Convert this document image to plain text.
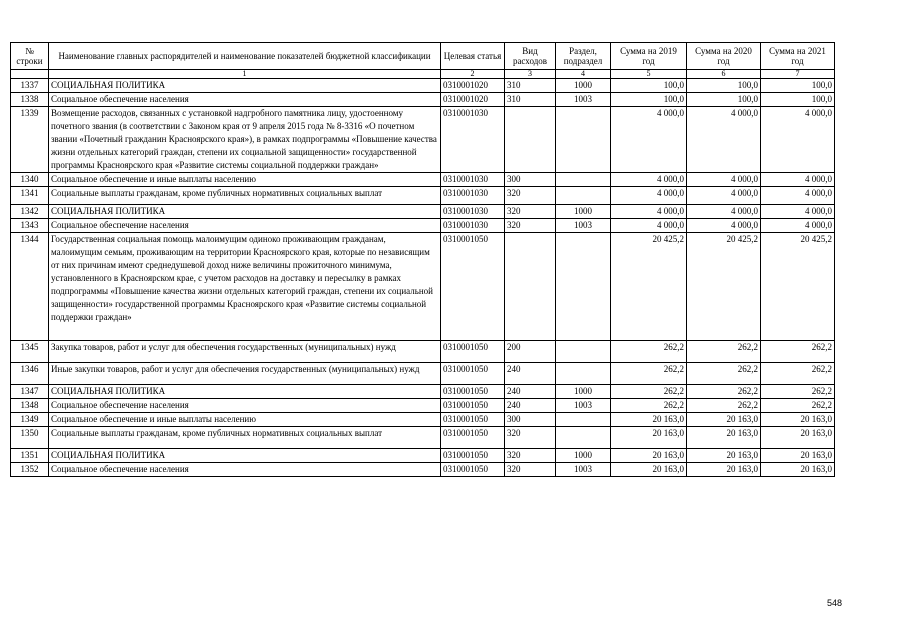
№ строки	Наименование главных распорядителей и наименование показателей бюджетной классификации	Целевая статья	Вид расходов	Раздел, подраздел	Сумма на 2019 год	Сумма на 2020 год	Сумма на 2021 год
	1	2	3	4	5	6	7
1337	СОЦИАЛЬНАЯ ПОЛИТИКА	0310001020	310	1000	100,0	100,0	100,0
1338	Социальное обеспечение населения	0310001020	310	1003	100,0	100,0	100,0
1339	Возмещение расходов, связанных с установкой надгробного памятника лицу, удостоенному почетного звания (в соответствии с Законом края от 9 апреля 2015 года № 8-3316 «О почетном звании «Почетный гражданин Красноярского края»), в рамках подпрограммы «Повышение качества жизни отдельных категорий граждан, степени их социальной защищенности» государственной программы Красноярского края «Развитие системы социальной поддержки граждан»	0310001030			4 000,0	4 000,0	4 000,0
1340	Социальное обеспечение и иные выплаты населению	0310001030	300		4 000,0	4 000,0	4 000,0
1341	Социальные выплаты гражданам, кроме публичных нормативных социальных выплат	0310001030	320		4 000,0	4 000,0	4 000,0
1342	СОЦИАЛЬНАЯ ПОЛИТИКА	0310001030	320	1000	4 000,0	4 000,0	4 000,0
1343	Социальное обеспечение населения	0310001030	320	1003	4 000,0	4 000,0	4 000,0
1344	Государственная социальная помощь малоимущим одиноко проживающим гражданам, малоимущим семьям, проживающим на территории Красноярского края, которые по независящим от них причинам имеют среднедушевой доход ниже величины прожиточного минимума, установленного в Красноярском крае, с учетом расходов на доставку и пересылку в рамках подпрограммы «Повышение качества жизни отдельных категорий граждан, степени их социальной защищенности» государственной программы Красноярского края «Развитие системы социальной поддержки граждан»	0310001050			20 425,2	20 425,2	20 425,2
1345	Закупка товаров, работ и услуг для обеспечения государственных (муниципальных) нужд	0310001050	200		262,2	262,2	262,2
1346	Иные закупки товаров, работ и услуг для обеспечения государственных (муниципальных) нужд	0310001050	240		262,2	262,2	262,2
1347	СОЦИАЛЬНАЯ ПОЛИТИКА	0310001050	240	1000	262,2	262,2	262,2
1348	Социальное обеспечение населения	0310001050	240	1003	262,2	262,2	262,2
1349	Социальное обеспечение и иные выплаты населению	0310001050	300		20 163,0	20 163,0	20 163,0
1350	Социальные выплаты гражданам, кроме публичных нормативных социальных выплат	0310001050	320		20 163,0	20 163,0	20 163,0
1351	СОЦИАЛЬНАЯ ПОЛИТИКА	0310001050	320	1000	20 163,0	20 163,0	20 163,0
1352	Социальное обеспечение населения	0310001050	320	1003	20 163,0	20 163,0	20 163,0
548
